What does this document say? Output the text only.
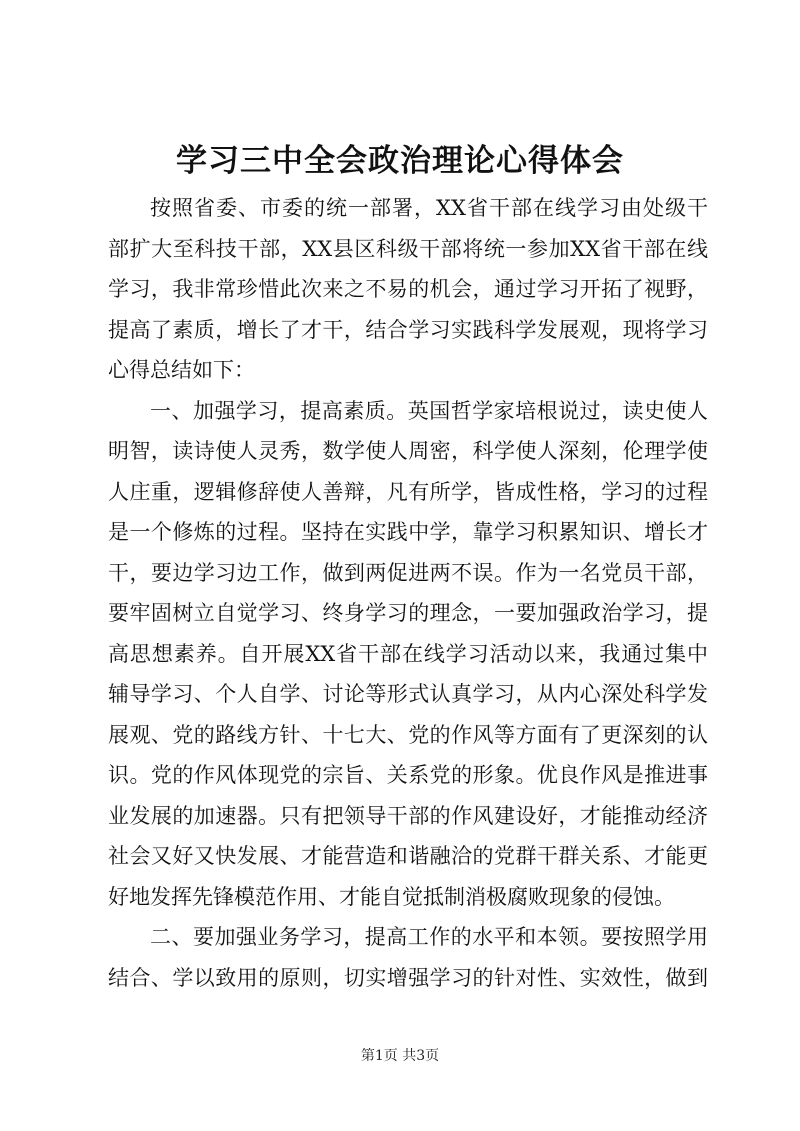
学习三中全会政治理论心得体会
按照省委、市委的统一部署，XX省干部在线学习由处级干
部扩大至科技干部，XX县区科级干部将统一参加XX省干部在线
学习，我非常珍惜此次来之不易的机会，通过学习开拓了视野，
提高了素质，增长了才干，结合学习实践科学发展观，现将学习
心得总结如下：
一、加强学习，提高素质。英国哲学家培根说过，读史使人
明智，读诗使人灵秀，数学使人周密，科学使人深刻，伦理学使
人庄重，逻辑修辞使人善辩，凡有所学，皆成性格，学习的过程
是一个修炼的过程。坚持在实践中学，靠学习积累知识、增长才
干，要边学习边工作，做到两促进两不误。作为一名党员干部，
要牢固树立自觉学习、终身学习的理念，一要加强政治学习，提
高思想素养。自开展XX省干部在线学习活动以来，我通过集中
辅导学习、个人自学、讨论等形式认真学习，从内心深处科学发
展观、党的路线方针、十七大、党的作风等方面有了更深刻的认
识。党的作风体现党的宗旨、关系党的形象。优良作风是推进事
业发展的加速器。只有把领导干部的作风建设好，才能推动经济
社会又好又快发展、才能营造和谐融洽的党群干群关系、才能更
好地发挥先锋模范作用、才能自觉抵制消极腐败现象的侵蚀。
二、要加强业务学习，提高工作的水平和本领。要按照学用
结合、学以致用的原则，切实增强学习的针对性、实效性，做到
第1页 共3页
